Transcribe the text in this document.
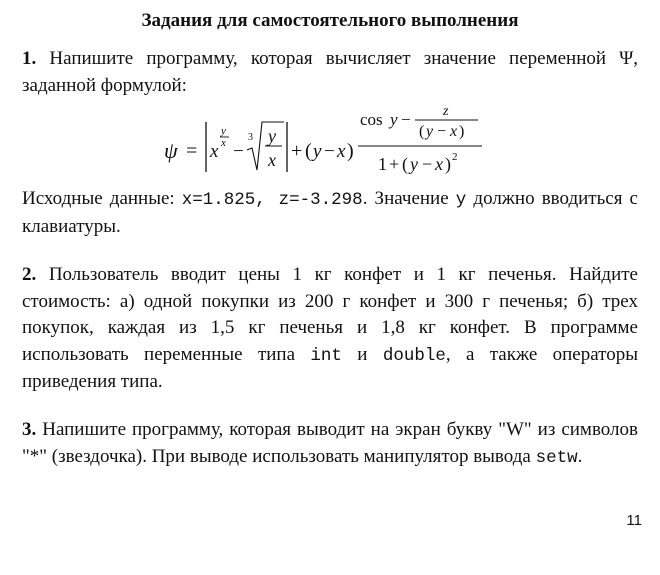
Задания для самостоятельного выполнения
1. Напишите программу, которая вычисляет значение переменной Ψ, заданной формулой:
ψ = x
y
x −
3 y
x + ( y − x )
cos y − z
( y − x )
1 + ( y − x ) 2
Исходные данные: x=1.825, z=-3.298. Значение y должно вводиться с клавиатуры.
2. Пользователь вводит цены 1 кг конфет и 1 кг печенья. Найдите стоимость: а) одной покупки из 200 г конфет и 300 г печенья; б) трех покупок, каждая из 1,5 кг печенья и 1,8 кг конфет. В программе использовать переменные типа int и double, а также операторы приведения типа.
3. Напишите программу, которая выводит на экран букву "W" из символов "*" (звездочка). При выводе использовать манипулятор вывода setw.
11
